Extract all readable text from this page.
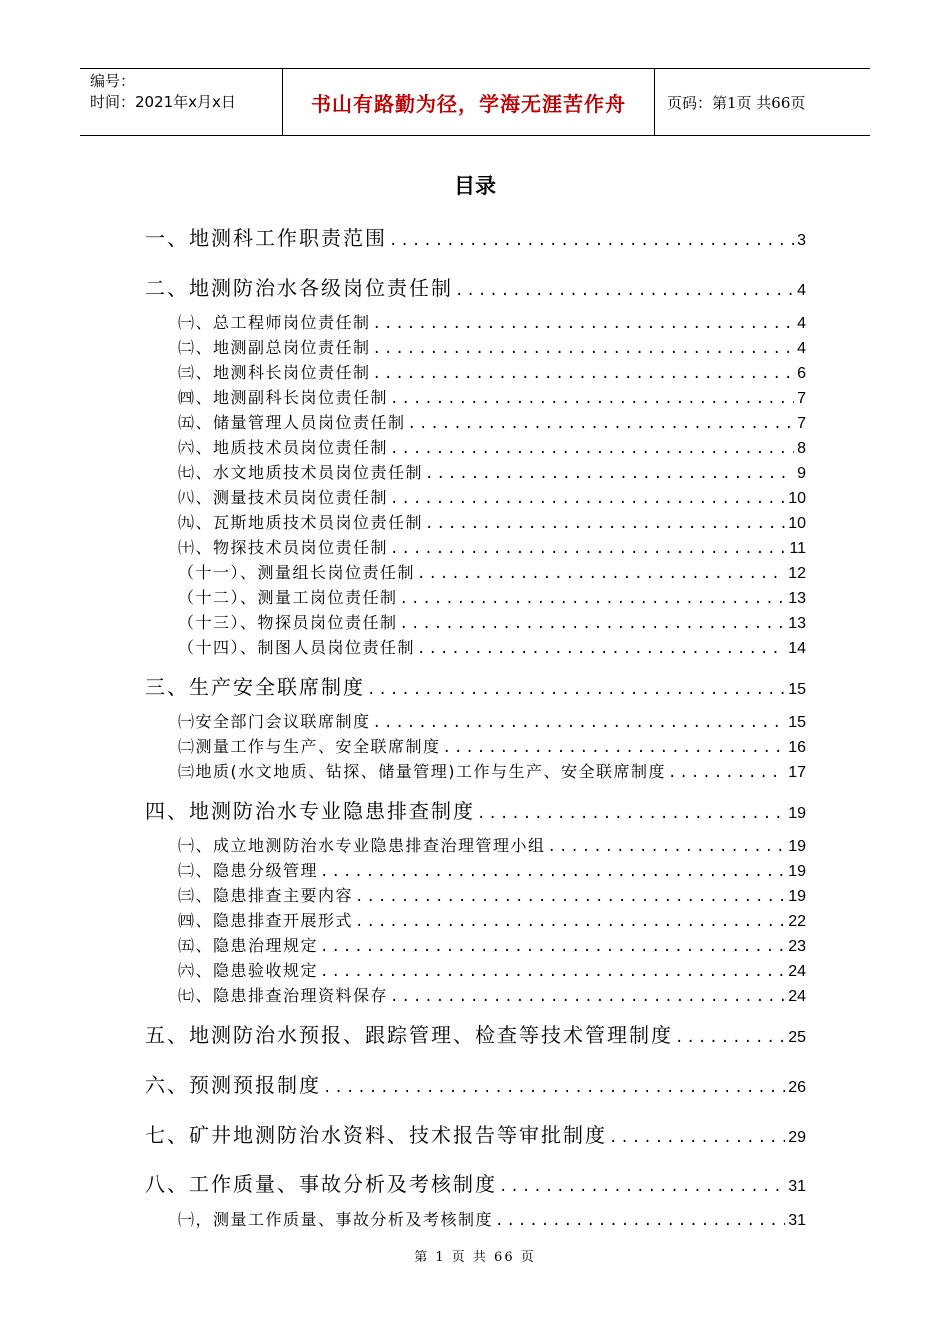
编号：
时间：2021年x月x日	书山有路勤为径，学海无涯苦作舟	页码：第1页 共66页
目录
一、地测科工作职责范围 .....	3
二、地测防治水各级岗位责任制 .....	4
㈠、总工程师岗位责任制 .....	4
㈡、地测副总岗位责任制 .....	4
㈢、地测科长岗位责任制 .....	6
㈣、地测副科长岗位责任制 .....	7
㈤、储量管理人员岗位责任制 .....	7
㈥、地质技术员岗位责任制 .....	8
㈦、水文地质技术员岗位责任制 .....	9
㈧、测量技术员岗位责任制 .....	10
㈨、瓦斯地质技术员岗位责任制 .....	10
㈩、物探技术员岗位责任制 .....	11
（十一）、测量组长岗位责任制 .....	12
（十二）、测量工岗位责任制 .....	13
（十三）、物探员岗位责任制 .....	13
（十四）、制图人员岗位责任制 .....	14
三、生产安全联席制度 .....	15
㈠安全部门会议联席制度 .....	15
㈡测量工作与生产、安全联席制度 .....	16
㈢地质(水文地质、钻探、储量管理)工作与生产、安全联席制度 .....	17
四、地测防治水专业隐患排查制度 .....	19
㈠、成立地测防治水专业隐患排查治理管理小组 .....	19
㈡、隐患分级管理 .....	19
㈢、隐患排查主要内容 .....	19
㈣、隐患排查开展形式 .....	22
㈤、隐患治理规定 .....	23
㈥、隐患验收规定 .....	24
㈦、隐患排查治理资料保存 .....	24
五、地测防治水预报、跟踪管理、检查等技术管理制度 .....	25
六、预测预报制度 .....	26
七、矿井地测防治水资料、技术报告等审批制度 .....	29
八、工作质量、事故分析及考核制度 .....	31
㈠，测量工作质量、事故分析及考核制度 .....	31
第 1 页 共 66 页
